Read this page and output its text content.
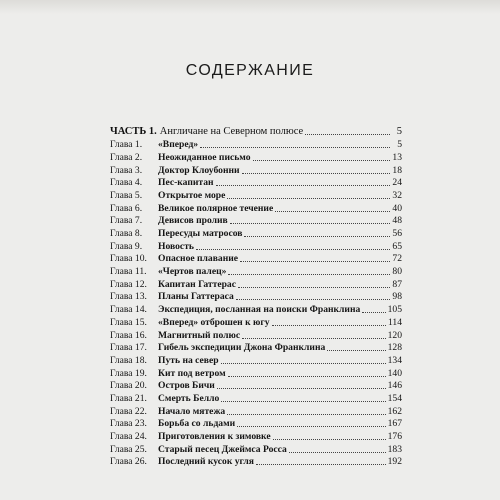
СОДЕРЖАНИЕ
ЧАСТЬ 1. Англичане на Северном полюсе	5
Глава 1.	«Вперед»	5
Глава 2.	Неожиданное письмо	13
Глава 3.	Доктор Клоубонни	18
Глава 4.	Пес-капитан	24
Глава 5.	Открытое море	32
Глава 6.	Великое полярное течение	40
Глава 7.	Девисов пролив	48
Глава 8.	Пересуды матросов	56
Глава 9.	Новость	65
Глава 10.	Опасное плавание	72
Глава 11.	«Чертов палец»	80
Глава 12.	Капитан Гаттерас	87
Глава 13.	Планы Гаттераса	98
Глава 14.	Экспедиция, посланная на поиски Франклина	105
Глава 15.	«Вперед» отброшен к югу	114
Глава 16.	Магнитный полюс	120
Глава 17.	Гибель экспедиции Джона Франклина	128
Глава 18.	Путь на север	134
Глава 19.	Кит под ветром	140
Глава 20.	Остров Бичи	146
Глава 21.	Смерть Белло	154
Глава 22.	Начало мятежа	162
Глава 23.	Борьба со льдами	167
Глава 24.	Приготовления к зимовке	176
Глава 25.	Старый песец Джеймса Росса	183
Глава 26.	Последний кусок угля	192
